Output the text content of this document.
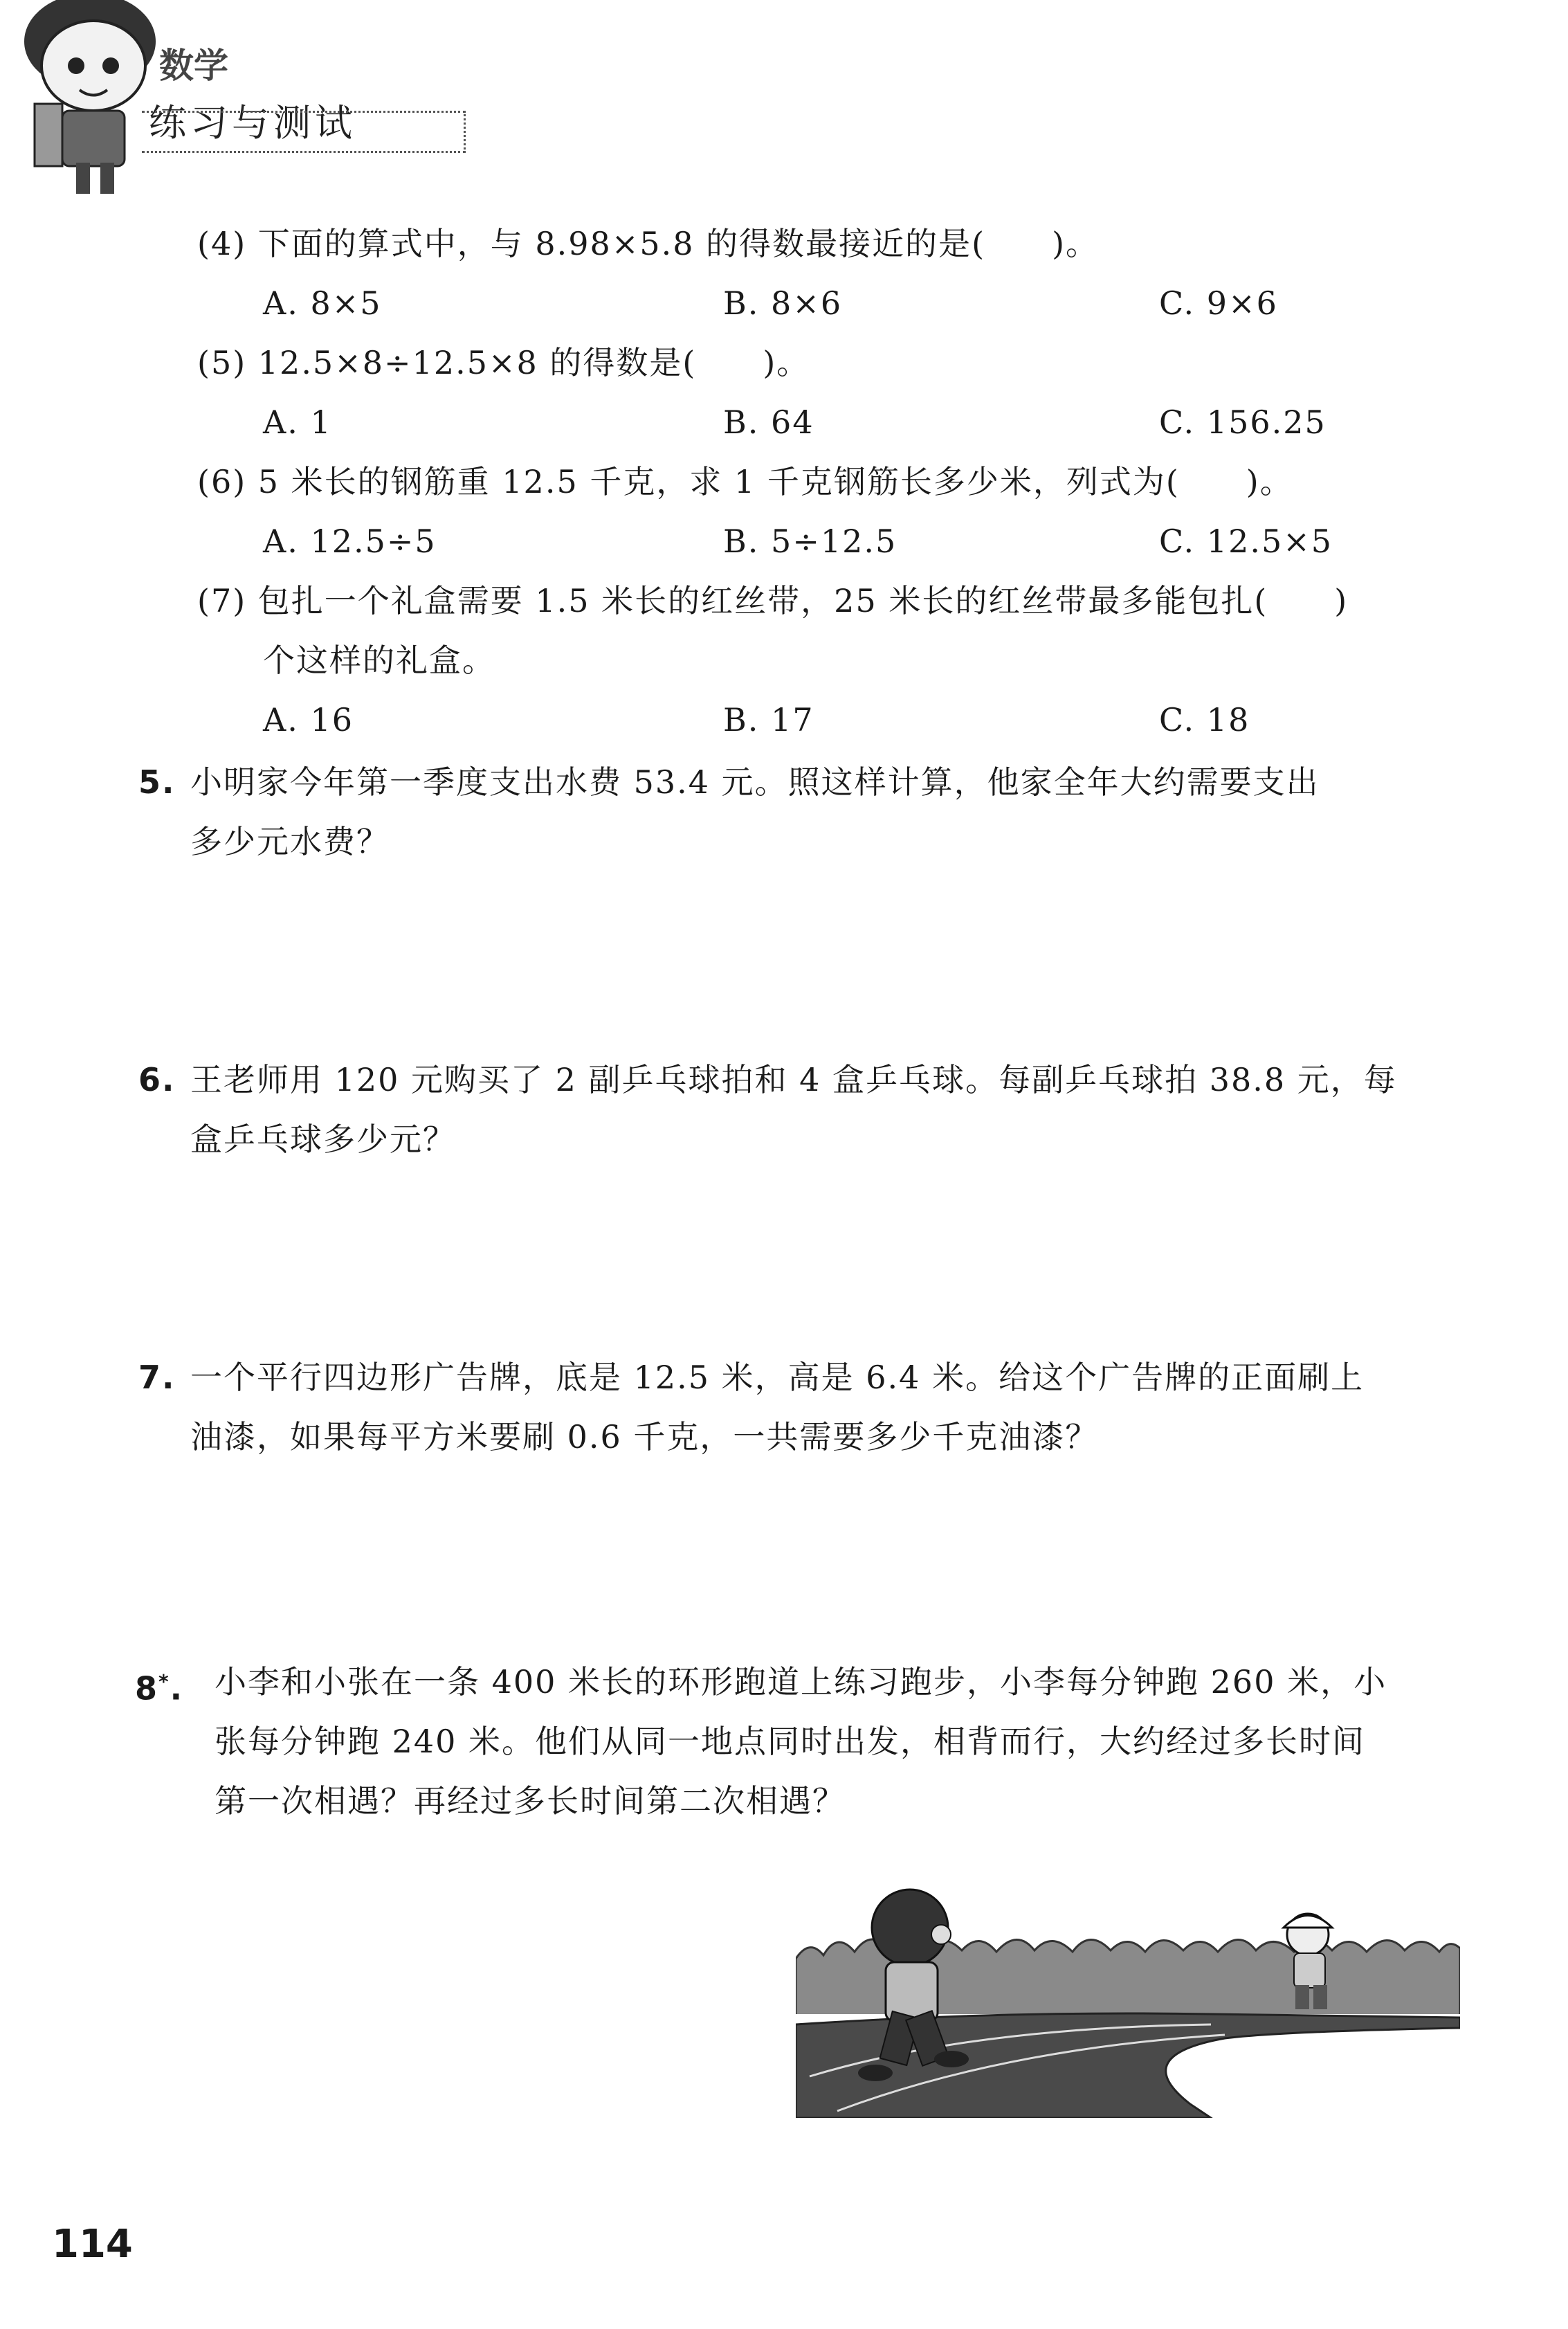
数学
练习与测试
(4) 下面的算式中，与 8.98×5.8 的得数最接近的是(　　)。
A. 8×5	B. 8×6	C. 9×6
(5) 12.5×8÷12.5×8 的得数是(　　)。
A. 1	B. 64	C. 156.25
(6) 5 米长的钢筋重 12.5 千克，求 1 千克钢筋长多少米，列式为(　　)。
A. 12.5÷5	B. 5÷12.5	C. 12.5×5
(7) 包扎一个礼盒需要 1.5 米长的红丝带，25 米长的红丝带最多能包扎(　　)
个这样的礼盒。
A. 16	B. 17	C. 18
5. 小明家今年第一季度支出水费 53.4 元。照这样计算，他家全年大约需要支出
多少元水费？
6. 王老师用 120 元购买了 2 副乒乓球拍和 4 盒乒乓球。每副乒乓球拍 38.8 元，每
盒乒乓球多少元？
7. 一个平行四边形广告牌，底是 12.5 米，高是 6.4 米。给这个广告牌的正面刷上
油漆，如果每平方米要刷 0.6 千克，一共需要多少千克油漆？
8*. 小李和小张在一条 400 米长的环形跑道上练习跑步，小李每分钟跑 260 米，小
张每分钟跑 240 米。他们从同一地点同时出发，相背而行，大约经过多长时间
第一次相遇？再经过多长时间第二次相遇？
114
